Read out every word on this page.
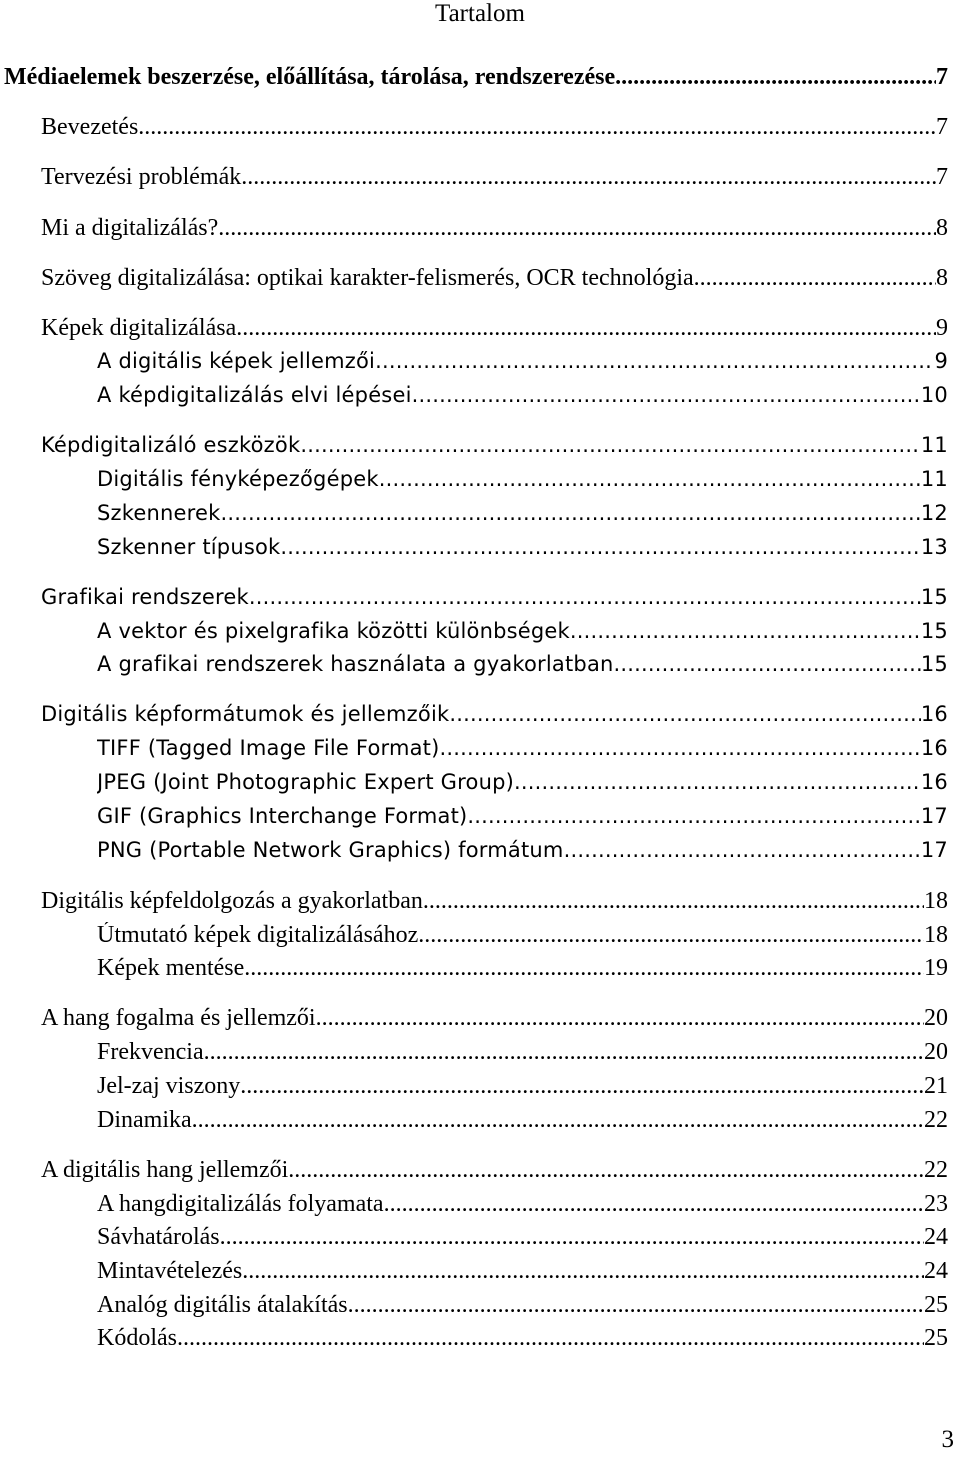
Tartalom
Médiaelemek beszerzése, előállítása, tárolása, rendszerezése .....	7
Bevezetés .....	7
Tervezési problémák .....	7
Mi a digitalizálás? .....	8
Szöveg digitalizálása: optikai karakter-felismerés, OCR technológia .....	8
Képek digitalizálása .....	9
A digitális képek jellemzői .....	9
A képdigitalizálás elvi lépései .....	10
Képdigitalizáló eszközök .....	11
Digitális fényképezőgépek .....	11
Szkennerek .....	12
Szkenner típusok .....	13
Grafikai rendszerek .....	15
A vektor és pixelgrafika közötti különbségek .....	15
A grafikai rendszerek használata a gyakorlatban .....	15
Digitális képformátumok és jellemzőik .....	16
TIFF (Tagged Image File Format) .....	16
JPEG (Joint Photographic Expert Group) .....	16
GIF (Graphics Interchange Format) .....	17
PNG (Portable Network Graphics) formátum .....	17
Digitális képfeldolgozás a gyakorlatban .....	18
Útmutató képek digitalizálásához .....	18
Képek mentése .....	19
A hang fogalma és jellemzői .....	20
Frekvencia .....	20
Jel-zaj viszony .....	21
Dinamika .....	22
A digitális hang jellemzői .....	22
A hangdigitalizálás folyamata .....	23
Sávhatárolás .....	24
Mintavételezés .....	24
Analóg digitális átalakítás .....	25
Kódolás .....	25
3
